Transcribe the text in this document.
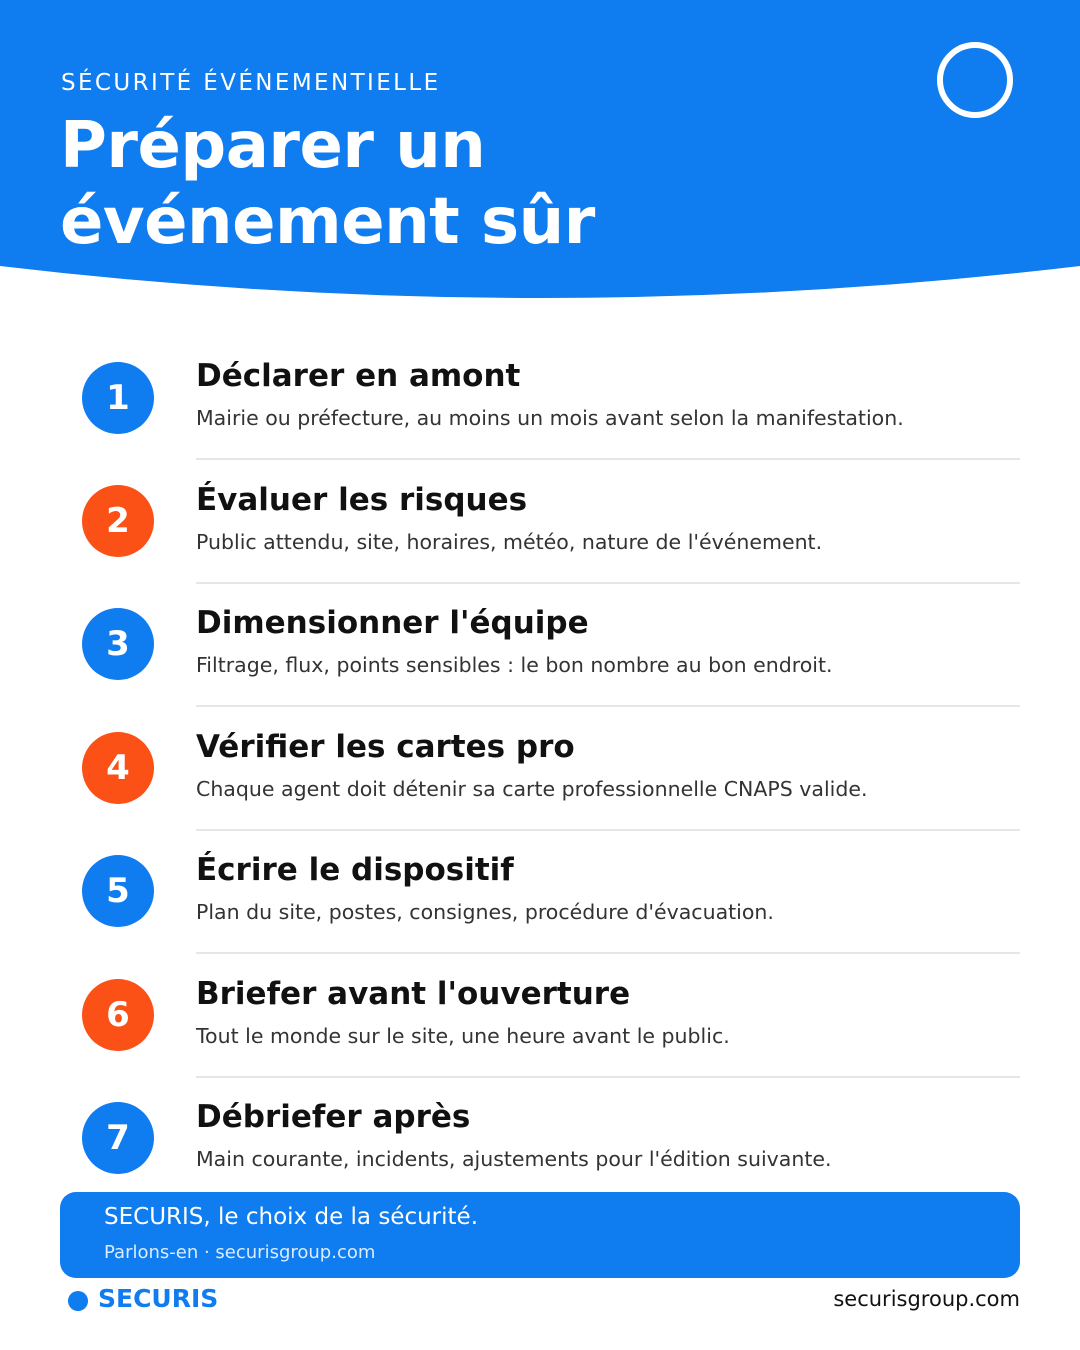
SÉCURITÉ ÉVÉNEMENTIELLE
Préparer un
événement sûr
1
Déclarer en amont
Mairie ou préfecture, au moins un mois avant selon la manifestation.
2
Évaluer les risques
Public attendu, site, horaires, météo, nature de l'événement.
3
Dimensionner l'équipe
Filtrage, flux, points sensibles : le bon nombre au bon endroit.
4
Vérifier les cartes pro
Chaque agent doit détenir sa carte professionnelle CNAPS valide.
5
Écrire le dispositif
Plan du site, postes, consignes, procédure d'évacuation.
6
Briefer avant l'ouverture
Tout le monde sur le site, une heure avant le public.
7
Débriefer après
Main courante, incidents, ajustements pour l'édition suivante.
SECURIS, le choix de la sécurité.
Parlons-en · securisgroup.com
SECURIS	securisgroup.com
